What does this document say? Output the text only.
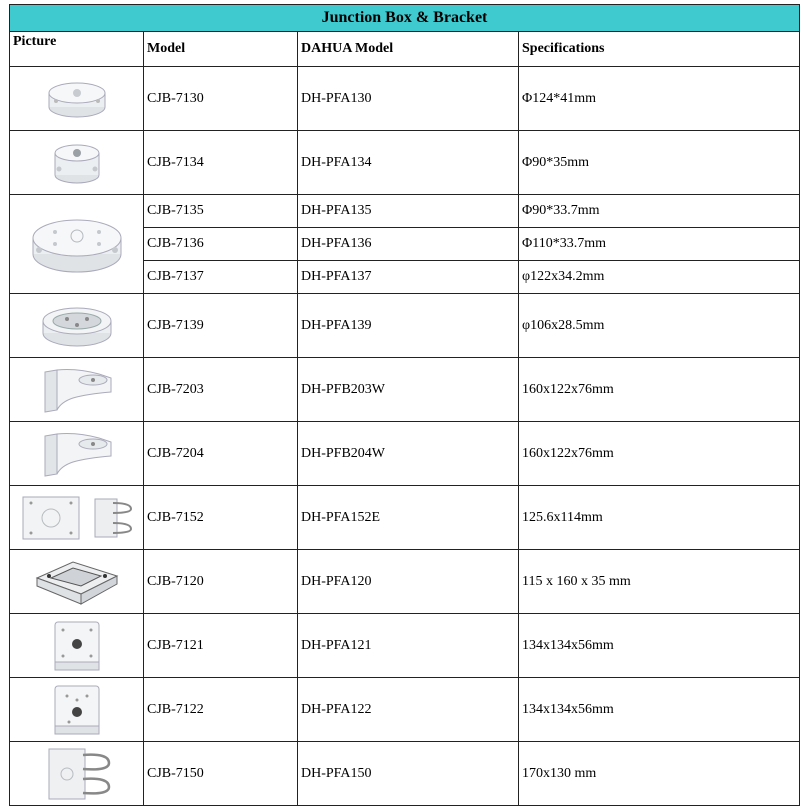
Junction Box & Bracket			
Picture	Model	DAHUA Model	Specifications

	CJB-7130	DH-PFA130	Φ124*41mm

	CJB-7134	DH-PFA134	Φ90*35mm

	CJB-7135	DH-PFA135	Φ90*33.7mm
	CJB-7136	DH-PFA136	Φ110*33.7mm
	CJB-7137	DH-PFA137	φ122x34.2mm

	CJB-7139	DH-PFA139	φ106x28.5mm

	CJB-7203	DH-PFB203W	160x122x76mm

	CJB-7204	DH-PFB204W	160x122x76mm

	CJB-7152	DH-PFA152E	125.6x114mm

	CJB-7120	DH-PFA120	115 x 160 x 35 mm

	CJB-7121	DH-PFA121	134x134x56mm

	CJB-7122	DH-PFA122	134x134x56mm

	CJB-7150	DH-PFA150	170x130 mm
